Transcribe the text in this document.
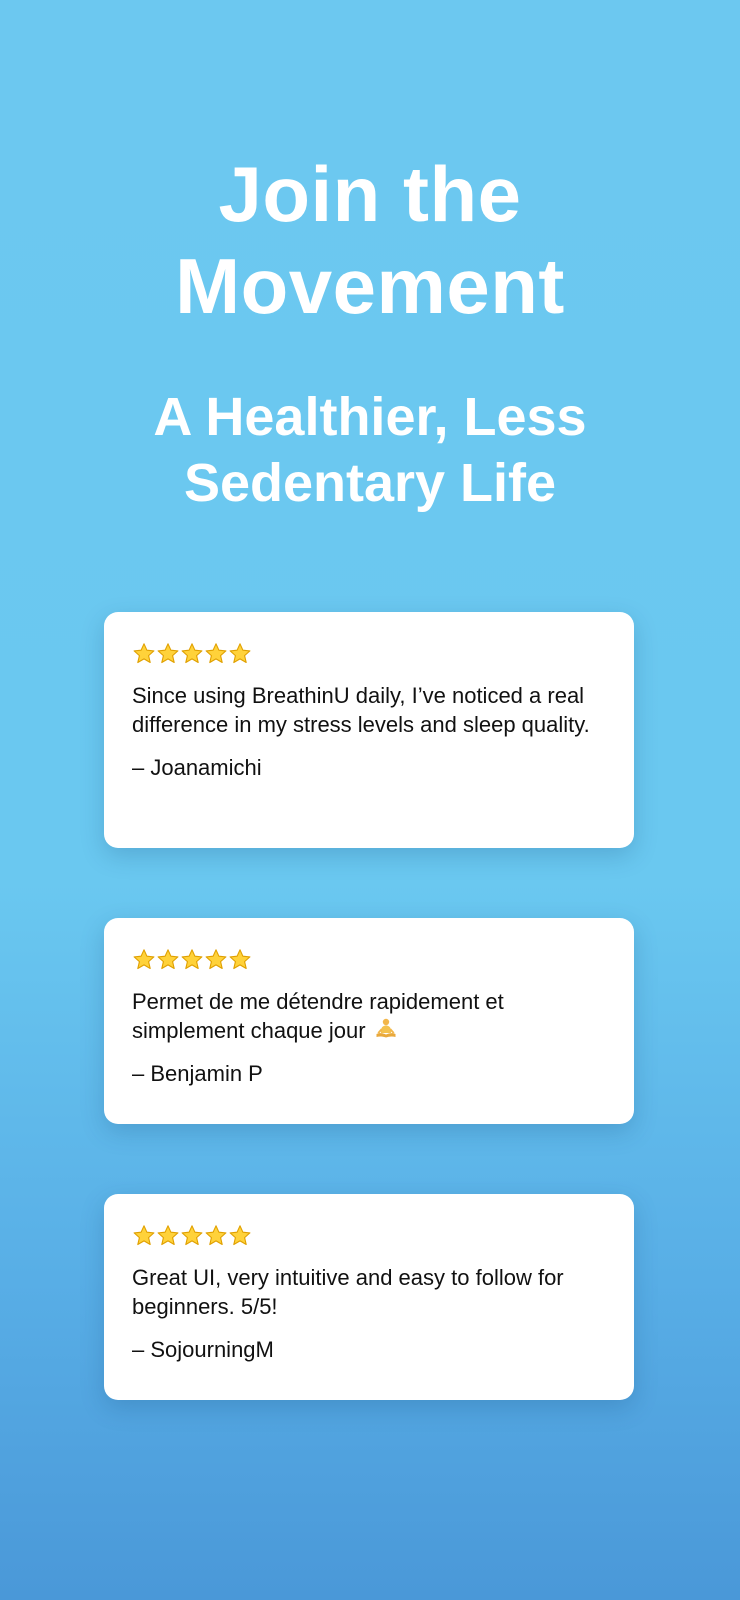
Join the
Movement
A Healthier, Less
Sedentary Life

Since using BreathinU daily, I’ve noticed a real difference in my stress levels and sleep quality.

– Joanamichi

Permet de me détendre rapidement et simplement chaque jour

– Benjamin P

Great UI, very intuitive and easy to follow for beginners. 5/5!

– SojourningM
